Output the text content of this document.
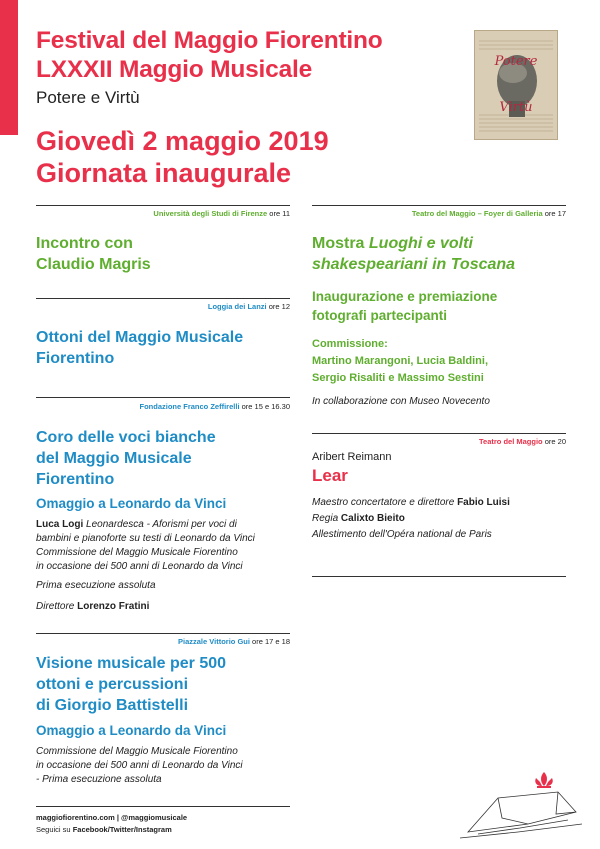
Festival del Maggio Fiorentino
LXXXII Maggio Musicale
Potere e Virtù
Giovedì 2 maggio 2019
Giornata inaugurale
Potere
Virtù
Università degli Studi di Firenze ore 11
Incontro con
Claudio Magris
Loggia dei Lanzi ore 12
Ottoni del Maggio Musicale
Fiorentino
Fondazione Franco Zeffirelli ore 15 e 16.30
Coro delle voci bianche
del Maggio Musicale
Fiorentino
Omaggio a Leonardo da Vinci
Luca Logi Leonardesca - Aforismi per voci di
bambini e pianoforte su testi di Leonardo da Vinci
Commissione del Maggio Musicale Fiorentino
in occasione dei 500 anni di Leonardo da Vinci
Prima esecuzione assoluta
Direttore Lorenzo Fratini
Piazzale Vittorio Gui ore 17 e 18
Visione musicale per 500
ottoni e percussioni
di Giorgio Battistelli
Omaggio a Leonardo da Vinci
Commissione del Maggio Musicale Fiorentino
in occasione dei 500 anni di Leonardo da Vinci
- Prima esecuzione assoluta
maggiofiorentino.com | @maggiomusicale
Seguici su Facebook/Twitter/Instagram
Teatro del Maggio – Foyer di Galleria ore 17
Mostra Luoghi e volti
shakespeariani in Toscana
Inaugurazione e premiazione
fotografi partecipanti
Commissione:
Martino Marangoni, Lucia Baldini,
Sergio Risaliti e Massimo Sestini
In collaborazione con Museo Novecento
Teatro del Maggio ore 20
Aribert Reimann
Lear
Maestro concertatore e direttore Fabio Luisi
Regia Calixto Bieito
Allestimento dell'Opéra national de Paris
